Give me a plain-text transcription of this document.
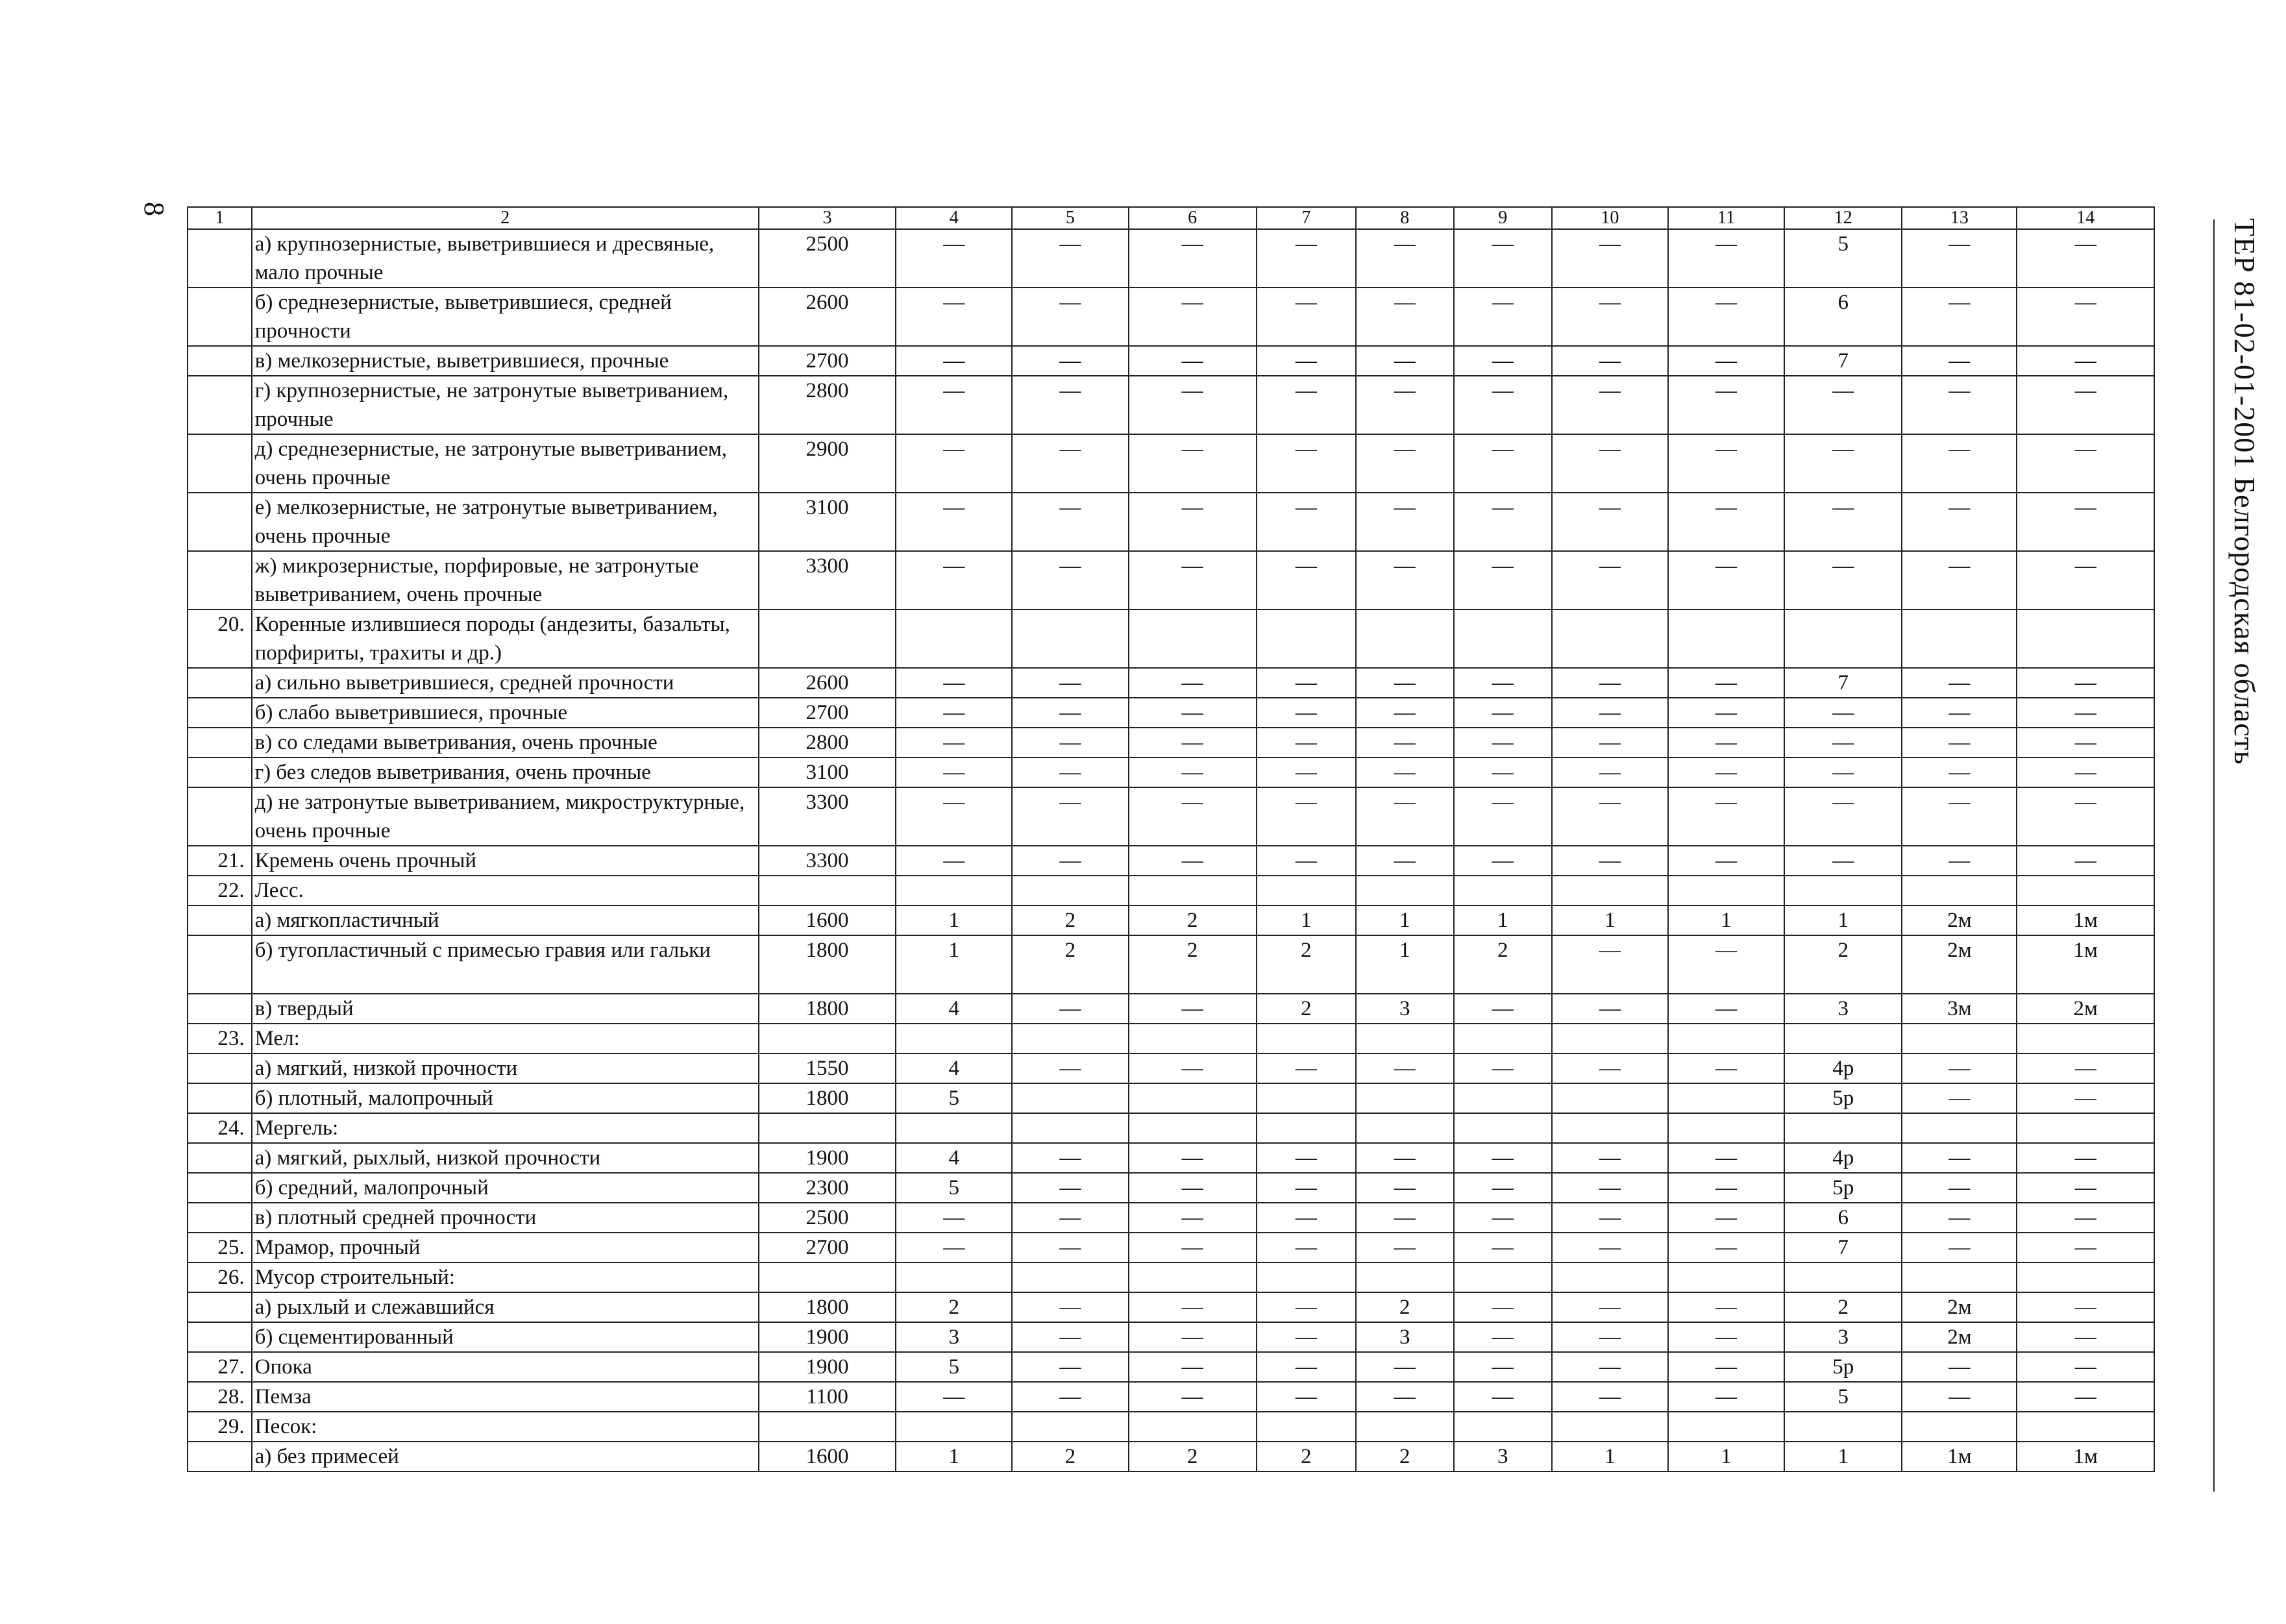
8
ТЕР 81-02-01-2001 Белгородская область
1	2	3	4	5	6	7	8	9	10	11	12	13	14
	а) крупнозернистые, выветрившиеся и дресвяные, мало прочные	2500	—	—	—	—	—	—	—	—	5	—	—
	б) среднезернистые, выветрившиеся, средней прочности	2600	—	—	—	—	—	—	—	—	6	—	—
	в) мелкозернистые, выветрившиеся, прочные	2700	—	—	—	—	—	—	—	—	7	—	—
	г) крупнозернистые, не затронутые выветриванием, прочные	2800	—	—	—	—	—	—	—	—	—	—	—
	д) среднезернистые, не затронутые выветриванием, очень прочные	2900	—	—	—	—	—	—	—	—	—	—	—
	е) мелкозернистые, не затронутые выветриванием, очень прочные	3100	—	—	—	—	—	—	—	—	—	—	—
	ж) микрозернистые, порфировые, не затронутые выветриванием, очень прочные	3300	—	—	—	—	—	—	—	—	—	—	—
20.	Коренные излившиеся породы (андезиты, базальты, порфириты, трахиты и др.)												
	а) сильно выветрившиеся, средней прочности	2600	—	—	—	—	—	—	—	—	7	—	—
	б) слабо выветрившиеся, прочные	2700	—	—	—	—	—	—	—	—	—	—	—
	в) со следами выветривания, очень прочные	2800	—	—	—	—	—	—	—	—	—	—	—
	г) без следов выветривания, очень прочные	3100	—	—	—	—	—	—	—	—	—	—	—
	д) не затронутые выветриванием, микроструктурные, очень прочные	3300	—	—	—	—	—	—	—	—	—	—	—
21.	Кремень очень прочный	3300	—	—	—	—	—	—	—	—	—	—	—
22.	Лесс.												
	а) мягкопластичный	1600	1	2	2	1	1	1	1	1	1	2м	1м
	б) тугопластичный с примесью гравия или гальки	1800	1	2	2	2	1	2	—	—	2	2м	1м
	в) твердый	1800	4	—	—	2	3	—	—	—	3	3м	2м
23.	Мел:												
	а) мягкий, низкой прочности	1550	4	—	—	—	—	—	—	—	4р	—	—
	б) плотный, малопрочный	1800	5								5р	—	—
24.	Мергель:												
	а) мягкий, рыхлый, низкой прочности	1900	4	—	—	—	—	—	—	—	4р	—	—
	б) средний, малопрочный	2300	5	—	—	—	—	—	—	—	5р	—	—
	в) плотный средней прочности	2500	—	—	—	—	—	—	—	—	6	—	—
25.	Мрамор, прочный	2700	—	—	—	—	—	—	—	—	7	—	—
26.	Мусор строительный:												
	а) рыхлый и слежавшийся	1800	2	—	—	—	2	—	—	—	2	2м	—
	б) сцементированный	1900	3	—	—	—	3	—	—	—	3	2м	—
27.	Опока	1900	5	—	—	—	—	—	—	—	5р	—	—
28.	Пемза	1100	—	—	—	—	—	—	—	—	5	—	—
29.	Песок:												
	а) без примесей	1600	1	2	2	2	2	3	1	1	1	1м	1м
